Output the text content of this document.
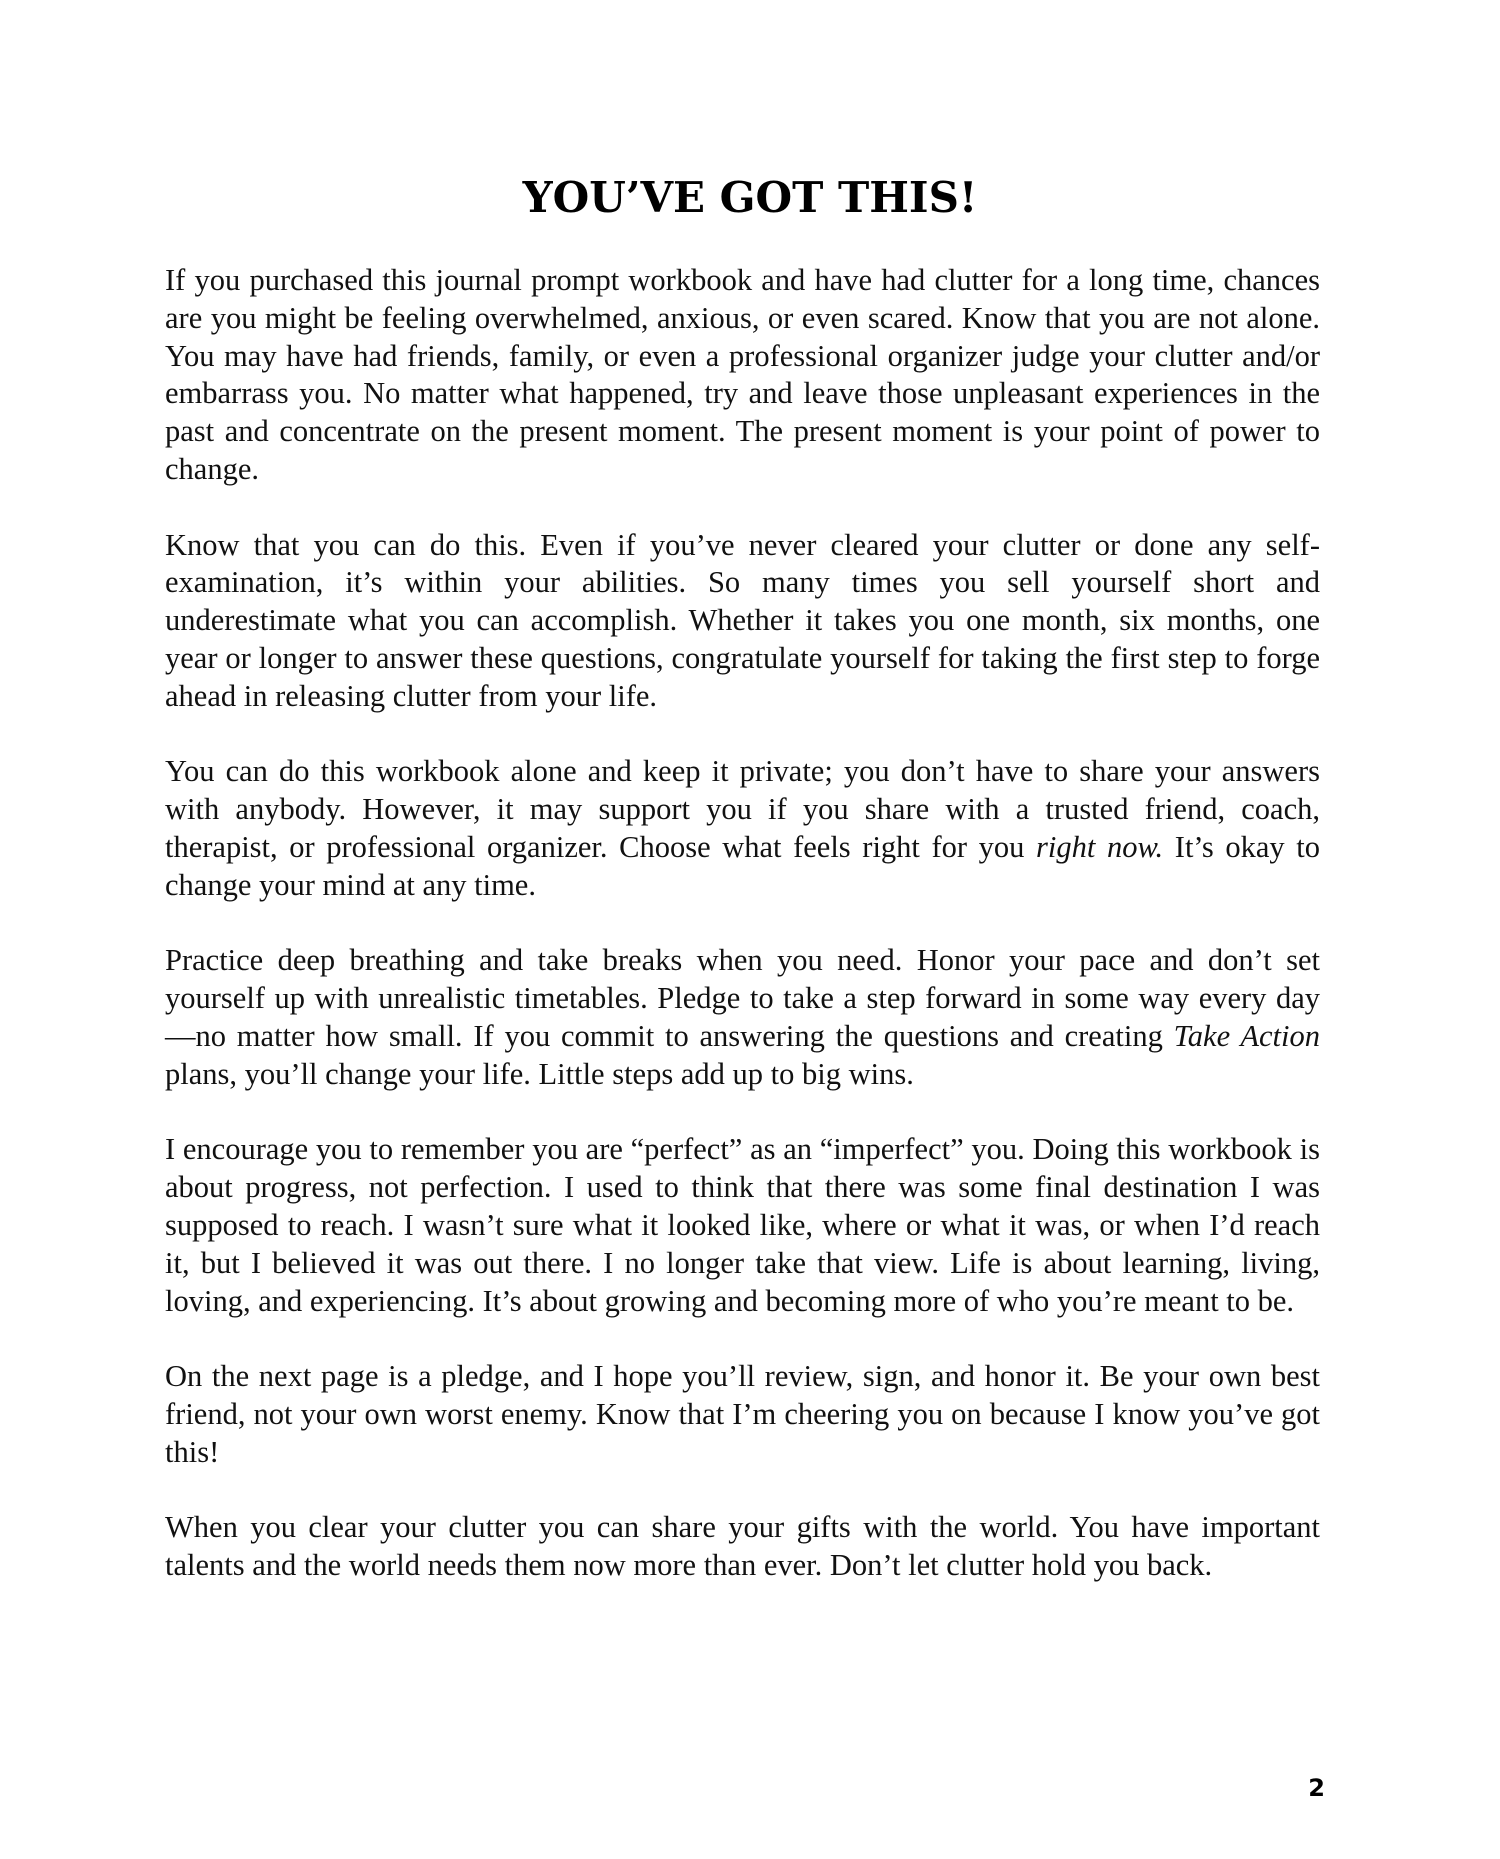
YOU’VE GOT THIS!

If you purchased this journal prompt workbook and have had clutter for a long time, chances are you might be feeling overwhelmed, anxious, or even scared. Know that you are not alone. You may have had friends, family, or even a professional organizer judge your clutter and/or embarrass you. No matter what happened, try and leave those unpleasant experiences in the past and concentrate on the present moment. The present moment is your point of power to change.

Know that you can do this. Even if you’ve never cleared your clutter or done any self-examination, it’s within your abilities. So many times you sell yourself short and underestimate what you can accomplish. Whether it takes you one month, six months, one year or longer to answer these questions, congratulate yourself for taking the first step to forge ahead in releasing clutter from your life.

You can do this workbook alone and keep it private; you don’t have to share your answers with anybody. However, it may support you if you share with a trusted friend, coach, therapist, or professional organizer. Choose what feels right for you right now. It’s okay to change your mind at any time.

Practice deep breathing and take breaks when you need. Honor your pace and don’t set yourself up with unrealistic timetables. Pledge to take a step forward in some way every day—no matter how small. If you commit to answering the questions and creating Take Action plans, you’ll change your life. Little steps add up to big wins.

I encourage you to remember you are “perfect” as an “imperfect” you. Doing this workbook is about progress, not perfection. I used to think that there was some final destination I was supposed to reach. I wasn’t sure what it looked like, where or what it was, or when I’d reach it, but I believed it was out there. I no longer take that view. Life is about learning, living, loving, and experiencing. It’s about growing and becoming more of who you’re meant to be.

On the next page is a pledge, and I hope you’ll review, sign, and honor it. Be your own best friend, not your own worst enemy. Know that I’m cheering you on because I know you’ve got this!

When you clear your clutter you can share your gifts with the world. You have important talents and the world needs them now more than ever. Don’t let clutter hold you back.

2
